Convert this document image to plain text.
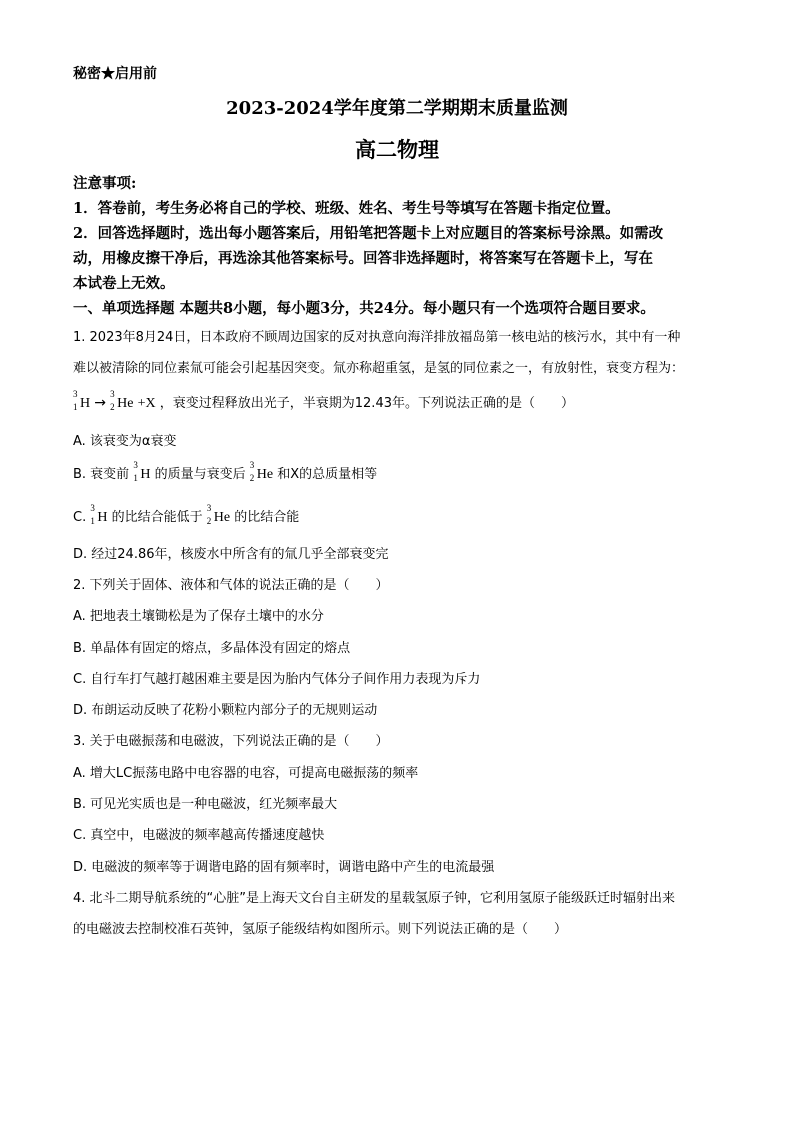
秘密★启用前
2023-2024学年度第二学期期末质量监测
高二物理
注意事项:
1．答卷前，考生务必将自己的学校、班级、姓名、考生号等填写在答题卡指定位置。
2．回答选择题时，选出每小题答案后，用铅笔把答题卡上对应题目的答案标号涂黑。如需改
动，用橡皮擦干净后，再选涂其他答案标号。回答非选择题时，将答案写在答题卡上，写在
本试卷上无效。
一、单项选择题 本题共8小题，每小题3分，共24分。每小题只有一个选项符合题目要求。
1. 2023年8月24日，日本政府不顾周边国家的反对执意向海洋排放福岛第一核电站的核污水，其中有一种
难以被清除的同位素氚可能会引起基因突变。氚亦称超重氢，是氢的同位素之一，有放射性，衰变方程为：
3
1 H →
3
2 He +X ，衰变过程释放出光子，半衰期为12.43年。下列说法正确的是（　　）
A. 该衰变为α衰变
B. 衰变前
3
1 H 的质量与衰变后
3
2 He 和X的总质量相等
C.
3
1 H 的比结合能低于
3
2 He 的比结合能
D. 经过24.86年，核废水中所含有的氚几乎全部衰变完
2. 下列关于固体、液体和气体的说法正确的是（　　）
A. 把地表土壤锄松是为了保存土壤中的水分
B. 单晶体有固定的熔点，多晶体没有固定的熔点
C. 自行车打气越打越困难主要是因为胎内气体分子间作用力表现为斥力
D. 布朗运动反映了花粉小颗粒内部分子的无规则运动
3. 关于电磁振荡和电磁波，下列说法正确的是（　　）
A. 增大LC振荡电路中电容器的电容，可提高电磁振荡的频率
B. 可见光实质也是一种电磁波，红光频率最大
C. 真空中，电磁波的频率越高传播速度越快
D. 电磁波的频率等于调谐电路的固有频率时，调谐电路中产生的电流最强
4. 北斗二期导航系统的“心脏”是上海天文台自主研发的星载氢原子钟，它利用氢原子能级跃迁时辐射出来
的电磁波去控制校准石英钟，氢原子能级结构如图所示。则下列说法正确的是（　　）
